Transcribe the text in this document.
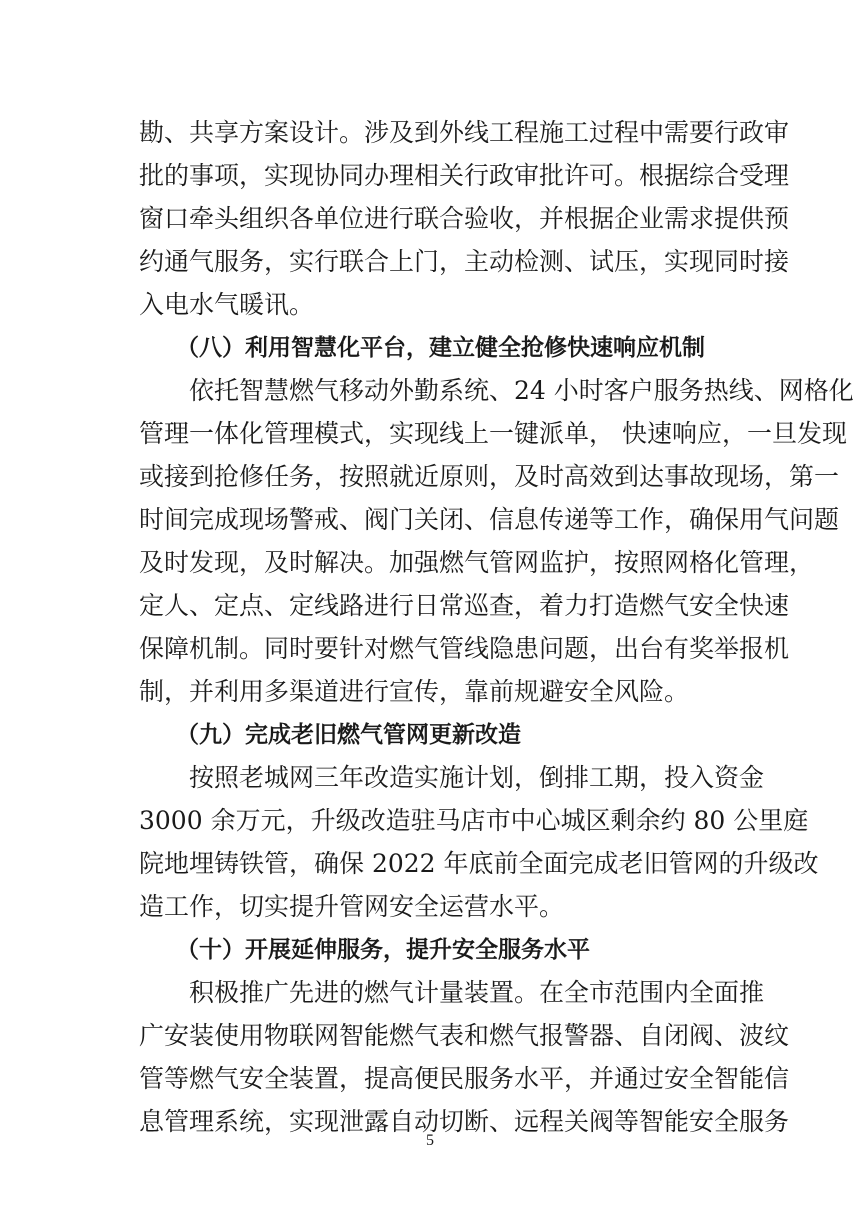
勘、共享方案设计。涉及到外线工程施工过程中需要行政审
批的事项，实现协同办理相关行政审批许可。根据综合受理
窗口牵头组织各单位进行联合验收，并根据企业需求提供预
约通气服务，实行联合上门，主动检测、试压，实现同时接
入电水气暖讯。
（八）利用智慧化平台，建立健全抢修快速响应机制
依托智慧燃气移动外勤系统、24 小时客户服务热线、网格化
管理一体化管理模式，实现线上一键派单， 快速响应，一旦发现
或接到抢修任务，按照就近原则，及时高效到达事故现场，第一
时间完成现场警戒、阀门关闭、信息传递等工作，确保用气问题
及时发现，及时解决。加强燃气管网监护，按照网格化管理，
定人、定点、定线路进行日常巡查，着力打造燃气安全快速
保障机制。同时要针对燃气管线隐患问题，出台有奖举报机
制，并利用多渠道进行宣传，靠前规避安全风险。
（九）完成老旧燃气管网更新改造
按照老城网三年改造实施计划，倒排工期，投入资金
3000 余万元，升级改造驻马店市中心城区剩余约 80 公里庭
院地埋铸铁管，确保 2022 年底前全面完成老旧管网的升级改
造工作，切实提升管网安全运营水平。
（十）开展延伸服务，提升安全服务水平
积极推广先进的燃气计量装置。在全市范围内全面推
广安装使用物联网智能燃气表和燃气报警器、自闭阀、波纹
管等燃气安全装置，提高便民服务水平，并通过安全智能信
息管理系统，实现泄露自动切断、远程关阀等智能安全服务
5
